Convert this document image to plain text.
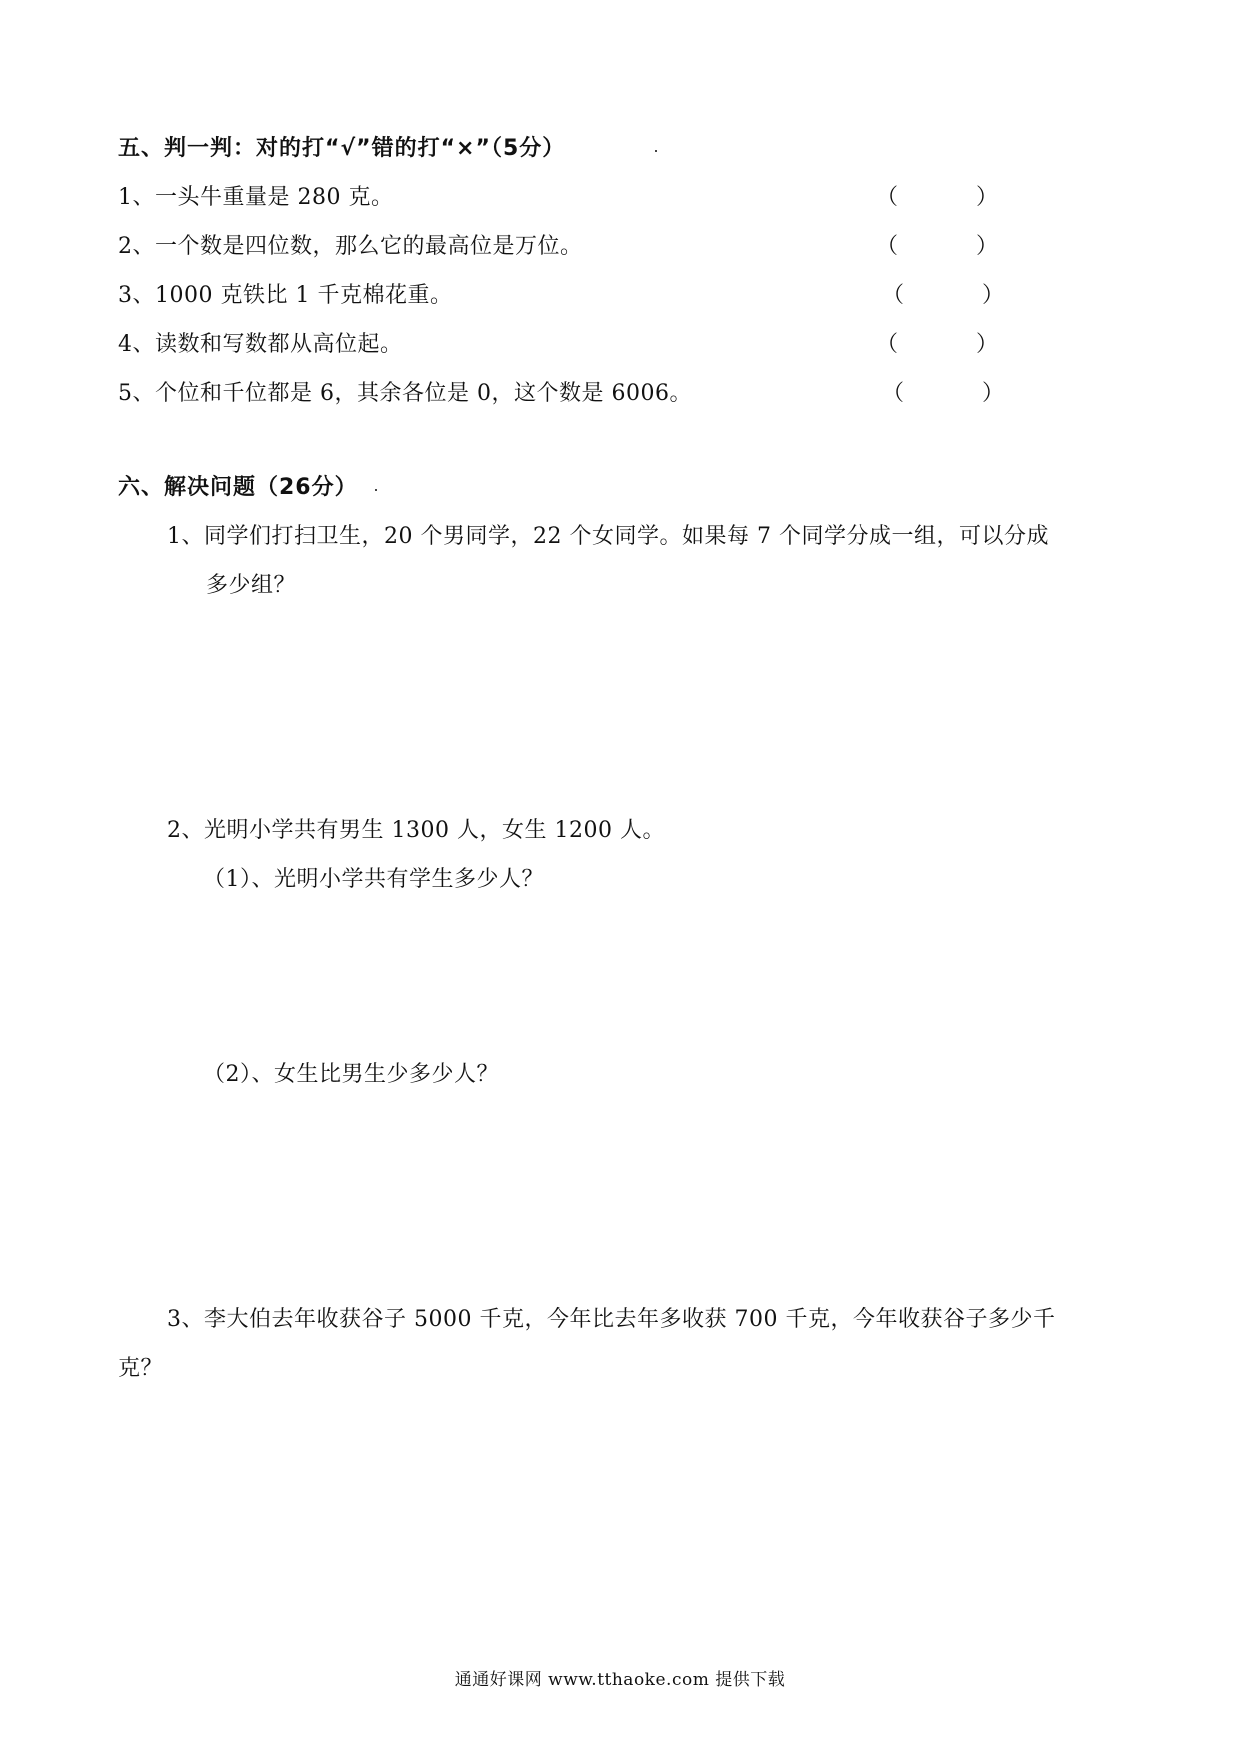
五、判一判：对的打“√”错的打“×”（5分）
1、一头牛重量是 280 克。	（	）
2、一个数是四位数，那么它的最高位是万位。	（	）
3、1000 克铁比 1 千克棉花重。	（	）
4、读数和写数都从高位起。	（	）
5、个位和千位都是 6，其余各位是 0，这个数是 6006。	（	）
六、解决问题（26分）
1、同学们打扫卫生，20 个男同学，22 个女同学。如果每 7 个同学分成一组，可以分成
多少组？
2、光明小学共有男生 1300 人，女生 1200 人。
（1）、光明小学共有学生多少人？
（2）、女生比男生少多少人？
3、李大伯去年收获谷子 5000 千克，今年比去年多收获 700 千克，今年收获谷子多少千
克？
通通好课网 www.tthaoke.com 提供下载
